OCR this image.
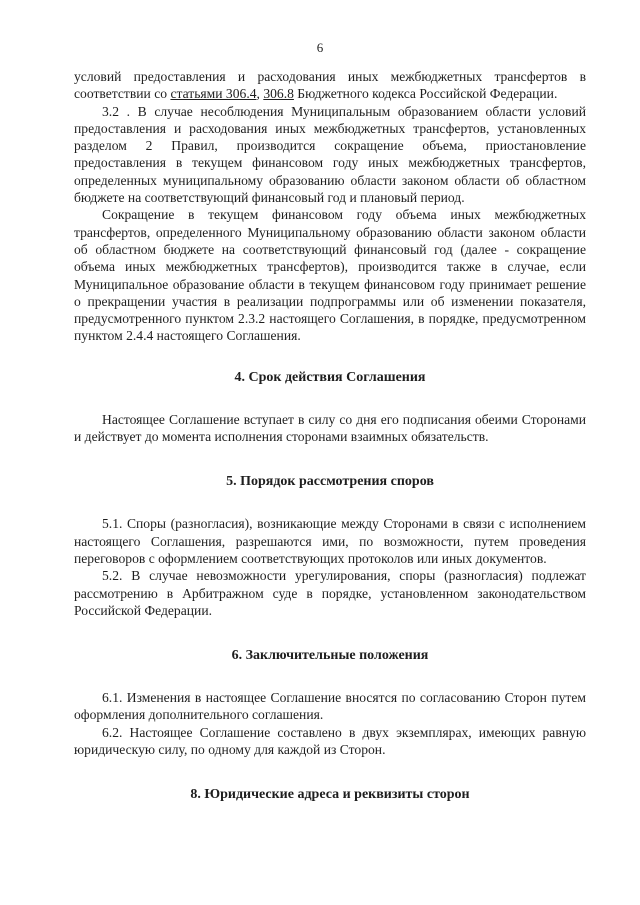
6

условий предоставления и расходования иных межбюджетных трансфертов в соответствии со статьями 306.4, 306.8 Бюджетного кодекса Российской Федерации.

3.2 . В случае несоблюдения Муниципальным образованием области условий предоставления и расходования иных межбюджетных трансфертов, установленных разделом 2 Правил, производится сокращение объема, приостановление предоставления в текущем финансовом году иных межбюджетных трансфертов, определенных муниципальному образованию области законом области об областном бюджете на соответствующий финансовый год и плановый период.

Сокращение в текущем финансовом году объема иных межбюджетных трансфертов, определенного Муниципальному образованию области законом области об областном бюджете на соответствующий финансовый год (далее - сокращение объема иных межбюджетных трансфертов), производится также в случае, если Муниципальное образование области в текущем финансовом году принимает решение о прекращении участия в реализации подпрограммы или об изменении показателя, предусмотренного пунктом 2.3.2 настоящего Соглашения, в порядке, предусмотренном пунктом 2.4.4 настоящего Соглашения.

4. Срок действия Соглашения

Настоящее Соглашение вступает в силу со дня его подписания обеими Сторонами и действует до момента исполнения сторонами взаимных обязательств.

5. Порядок рассмотрения споров

5.1. Споры (разногласия), возникающие между Сторонами в связи с исполнением настоящего Соглашения, разрешаются ими, по возможности, путем проведения переговоров с оформлением соответствующих протоколов или иных документов.

5.2. В случае невозможности урегулирования, споры (разногласия) подлежат рассмотрению в Арбитражном суде в порядке, установленном законодательством Российской Федерации.

6. Заключительные положения

6.1. Изменения в настоящее Соглашение вносятся по согласованию Сторон путем оформления дополнительного соглашения.

6.2. Настоящее Соглашение составлено в двух экземплярах, имеющих равную юридическую силу, по одному для каждой из Сторон.

8. Юридические адреса и реквизиты сторон
